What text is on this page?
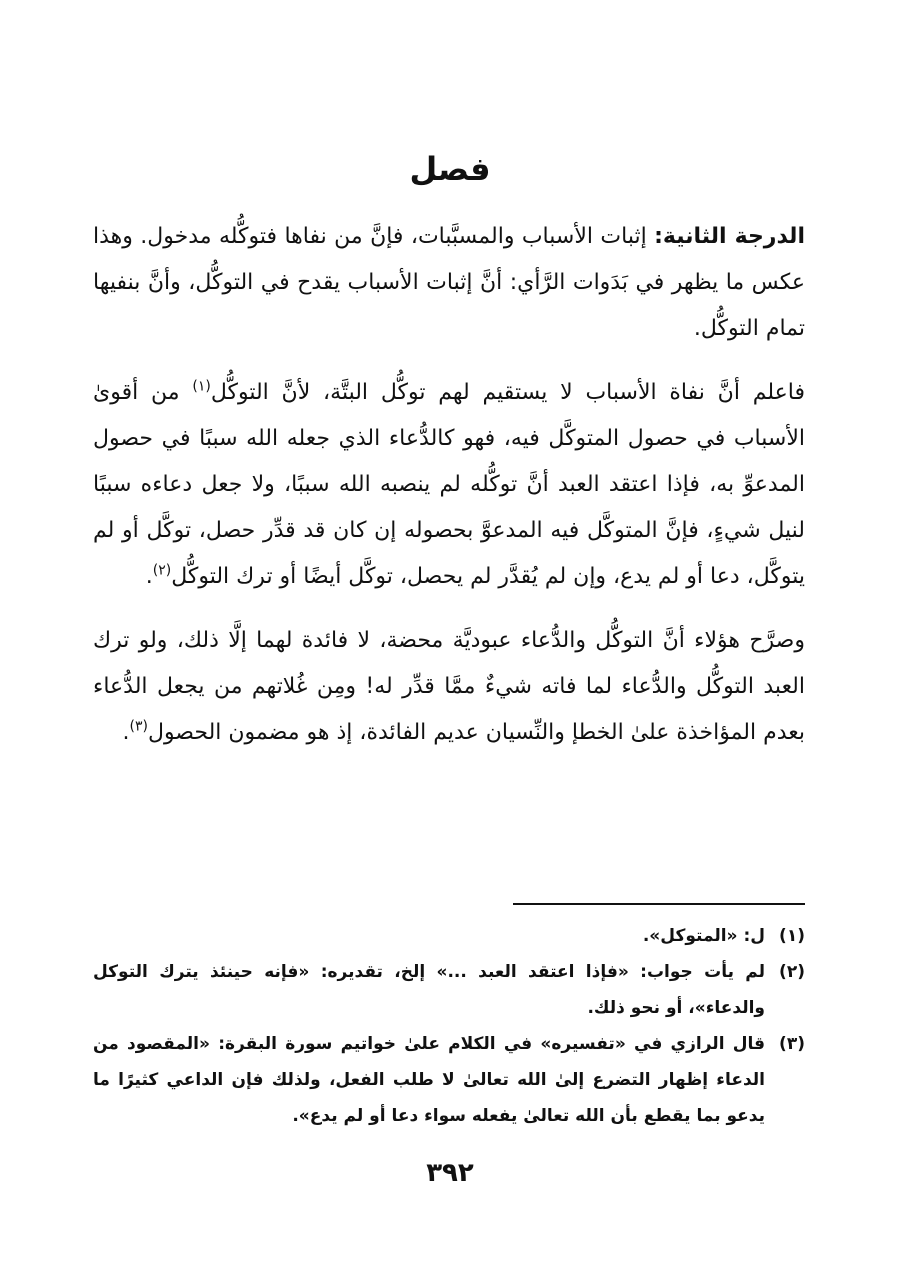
فصل

الدرجة الثانية: إثبات الأسباب والمسبَّبات، فإنَّ من نفاها فتوكُّله مدخول. وهذا عكس ما يظهر في بَدَوات الرَّأي: أنَّ إثبات الأسباب يقدح في التوكُّل، وأنَّ بنفيها تمام التوكُّل.

فاعلم أنَّ نفاة الأسباب لا يستقيم لهم توكُّل البتَّة، لأنَّ التوكُّل$^{(١)}$ من أقوىٰ الأسباب في حصول المتوكَّل فيه، فهو كالدُّعاء الذي جعله الله سببًا في حصول المدعوِّ به، فإذا اعتقد العبد أنَّ توكُّله لم ينصبه الله سببًا، ولا جعل دعاءه سببًا لنيل شيءٍ، فإنَّ المتوكَّل فيه المدعوَّ بحصوله إن كان قد قدِّر حصل، توكَّل أو لم يتوكَّل، دعا أو لم يدع، وإن لم يُقدَّر لم يحصل، توكَّل أيضًا أو ترك التوكُّل$^{(٢)}$.

وصرَّح هؤلاء أنَّ التوكُّل والدُّعاء عبوديَّة محضة، لا فائدة لهما إلَّا ذلك، ولو ترك العبد التوكُّل والدُّعاء لما فاته شيءٌ ممَّا قدِّر له! ومِن غُلاتهم من يجعل الدُّعاء بعدم المؤاخذة علىٰ الخطإ والنِّسيان عديم الفائدة، إذ هو مضمون الحصول$^{(٣)}$.

(١)
ل: «المتوكل».

(٢)
لم يأت جواب: «فإذا اعتقد العبد ...» إلخ، تقديره: «فإنه حينئذ يترك التوكل والدعاء»، أو نحو ذلك.

(٣)
قال الرازي في «تفسيره» في الكلام علىٰ خواتيم سورة البقرة: «المقصود من الدعاء إظهار التضرع إلىٰ الله تعالىٰ لا طلب الفعل، ولذلك فإن الداعي كثيرًا ما يدعو بما يقطع بأن الله تعالىٰ يفعله سواء دعا أو لم يدع».

٣٩٢
